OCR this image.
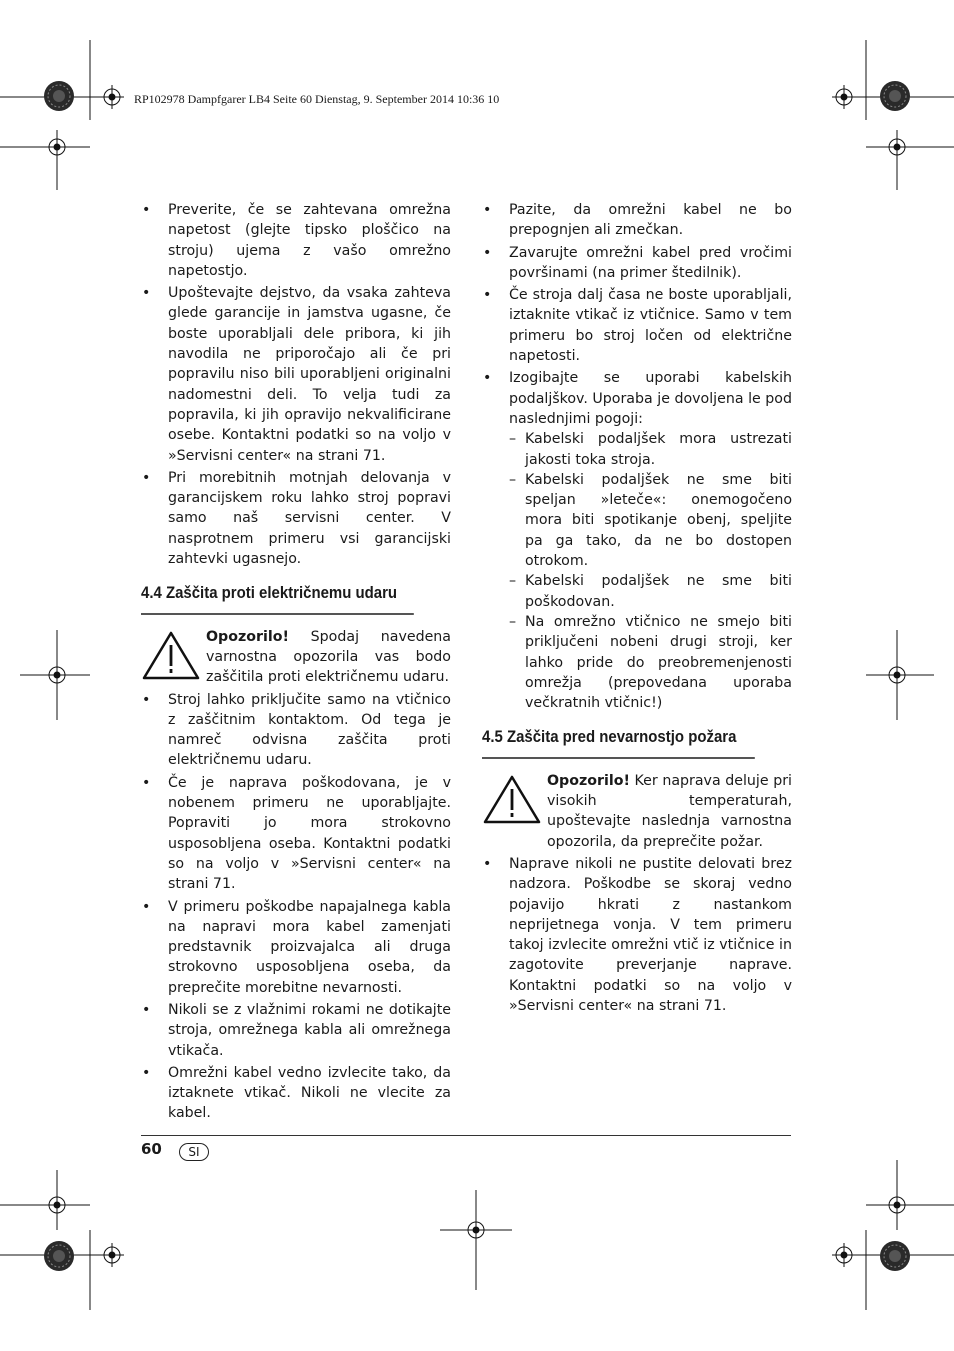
RP102978 Dampfgarer LB4 Seite 60 Dienstag, 9. September 2014 10:36 10
• Preverite, če se zahtevana omrežna napetost (glejte tipsko ploščico na stroju) ujema z vašo omrežno napetostjo.
• Upoštevajte dejstvo, da vsaka zahteva glede garancije in jamstva ugasne, če boste uporabljali dele pribora, ki jih navodila ne priporočajo ali če pri popravilu niso bili uporabljeni originalni nadomestni deli. To velja tudi za popravila, ki jih opravijo nekvalificirane osebe. Kontaktni podatki so na voljo v »Servisni center« na strani 71.
• Pri morebitnih motnjah delovanja v garancijskem roku lahko stroj popravi samo naš servisni center. V nasprotnem primeru vsi garancijski zahtevki ugasnejo.
4.4 Zaščita proti električnemu udaru
Opozorilo! Spodaj navedena varnostna opozorila vas bodo zaščitila proti električnemu udaru.
• Stroj lahko priključite samo na vtičnico z zaščitnim kontaktom. Od tega je namreč odvisna zaščita proti električnemu udaru.
• Če je naprava poškodovana, je v nobenem primeru ne uporabljajte. Popraviti jo mora strokovno usposobljena oseba. Kontaktni podatki so na voljo v »Servisni center« na strani 71.
• V primeru poškodbe napajalnega kabla na napravi mora kabel zamenjati predstavnik proizvajalca ali druga strokovno usposobljena oseba, da preprečite morebitne nevarnosti.
• Nikoli se z vlažnimi rokami ne dotikajte stroja, omrežnega kabla ali omrežnega vtikača.
• Omrežni kabel vedno izvlecite tako, da iztaknete vtikač. Nikoli ne vlecite za kabel.
• Pazite, da omrežni kabel ne bo prepognjen ali zmečkan.
• Zavarujte omrežni kabel pred vročimi površinami (na primer štedilnik).
• Če stroja dalj časa ne boste uporabljali, iztaknite vtikač iz vtičnice. Samo v tem primeru bo stroj ločen od električne napetosti.
• Izogibajte se uporabi kabelskih podaljškov. Uporaba je dovoljena le pod naslednjimi pogoji:
– Kabelski podaljšek mora ustrezati jakosti toka stroja.
– Kabelski podaljšek ne sme biti speljan »leteče«: onemogočeno mora biti spotikanje obenj, speljite pa ga tako, da ne bo dostopen otrokom.
– Kabelski podaljšek ne sme biti poškodovan.
– Na omrežno vtičnico ne smejo biti priključeni nobeni drugi stroji, ker lahko pride do preobremenjenosti omrežja (prepovedana uporaba večkratnih vtičnic!)
4.5 Zaščita pred nevarnostjo požara
Opozorilo! Ker naprava deluje pri visokih temperaturah, upoštevajte naslednja varnostna opozorila, da preprečite požar.
• Naprave nikoli ne pustite delovati brez nadzora. Poškodbe se skoraj vedno pojavijo hkrati z nastankom neprijetnega vonja. V tem primeru takoj izvlecite omrežni vtič iz vtičnice in zagotovite preverjanje naprave. Kontaktni podatki so na voljo v »Servisni center« na strani 71.
60	SI
